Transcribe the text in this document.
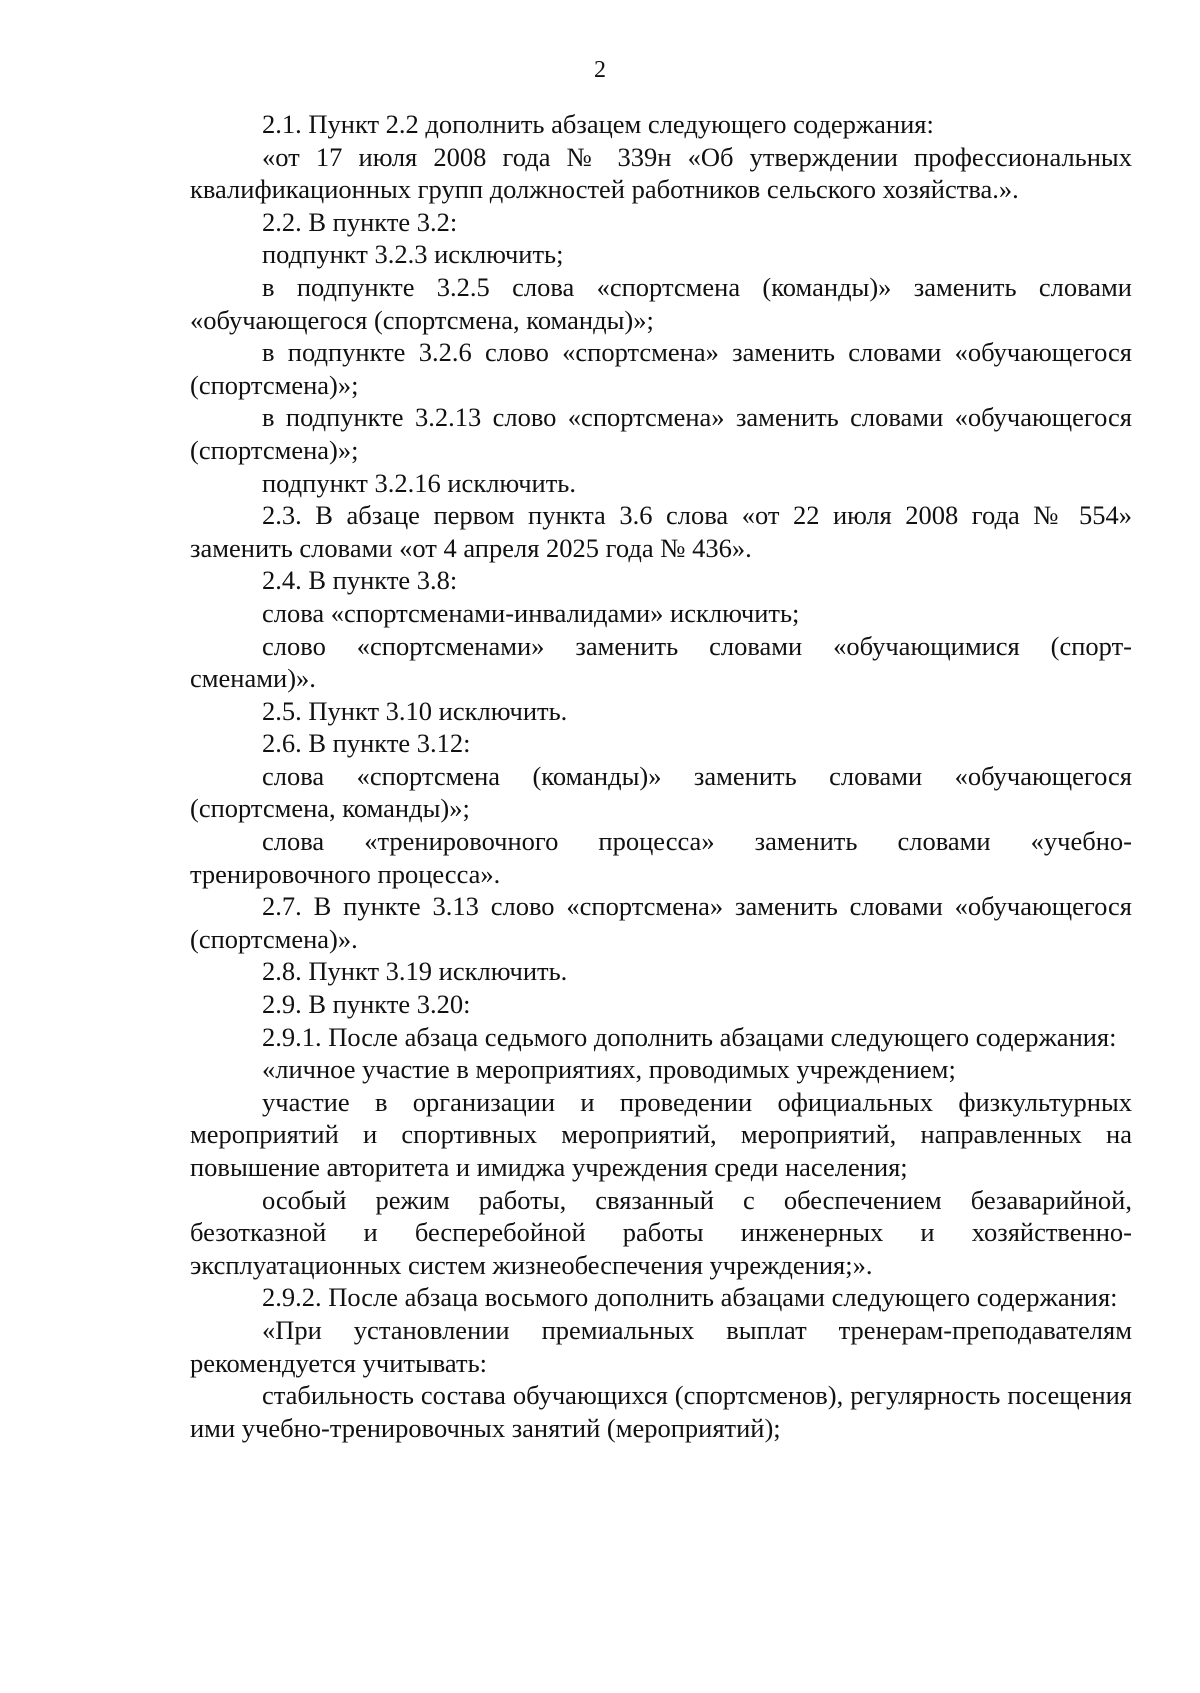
2

2.1. Пункт 2.2 дополнить абзацем следующего содержания:

«от 17 июля 2008 года № 339н «Об утверждении профессиональных квалификационных групп должностей работников сельского хозяйства.».

2.2. В пункте 3.2:

подпункт 3.2.3 исключить;

в подпункте 3.2.5 слова «спортсмена (команды)» заменить словами «обучающегося (спортсмена, команды)»;

в подпункте 3.2.6 слово «спортсмена» заменить словами «обучающегося (спортсмена)»;

в подпункте 3.2.13 слово «спортсмена» заменить словами «обучающегося (спортсмена)»;

подпункт 3.2.16 исключить.

2.3. В абзаце первом пункта 3.6 слова «от 22 июля 2008 года № 554» заменить словами «от 4 апреля 2025 года № 436».

2.4. В пункте 3.8:

слова «спортсменами-инвалидами» исключить;

слово «спортсменами» заменить словами «обучающимися (спорт-сменами)».

2.5. Пункт 3.10 исключить.

2.6. В пункте 3.12:

слова «спортсмена (команды)» заменить словами «обучающегося (спортсмена, команды)»;

слова «тренировочного процесса» заменить словами «учебно-тренировочного процесса».

2.7. В пункте 3.13 слово «спортсмена» заменить словами «обучающегося (спортсмена)».

2.8. Пункт 3.19 исключить.

2.9. В пункте 3.20:

2.9.1. После абзаца седьмого дополнить абзацами следующего содержания:

«личное участие в мероприятиях, проводимых учреждением;

участие в организации и проведении официальных физкультурных мероприятий и спортивных мероприятий, мероприятий, направленных на повышение авторитета и имиджа учреждения среди населения;

особый режим работы, связанный с обеспечением безаварийной, безотказной и бесперебойной работы инженерных и хозяйственно-эксплуатационных систем жизнеобеспечения учреждения;».

2.9.2. После абзаца восьмого дополнить абзацами следующего содержания:

«При установлении премиальных выплат тренерам-преподавателям рекомендуется учитывать:

стабильность состава обучающихся (спортсменов), регулярность посещения ими учебно-тренировочных занятий (мероприятий);
